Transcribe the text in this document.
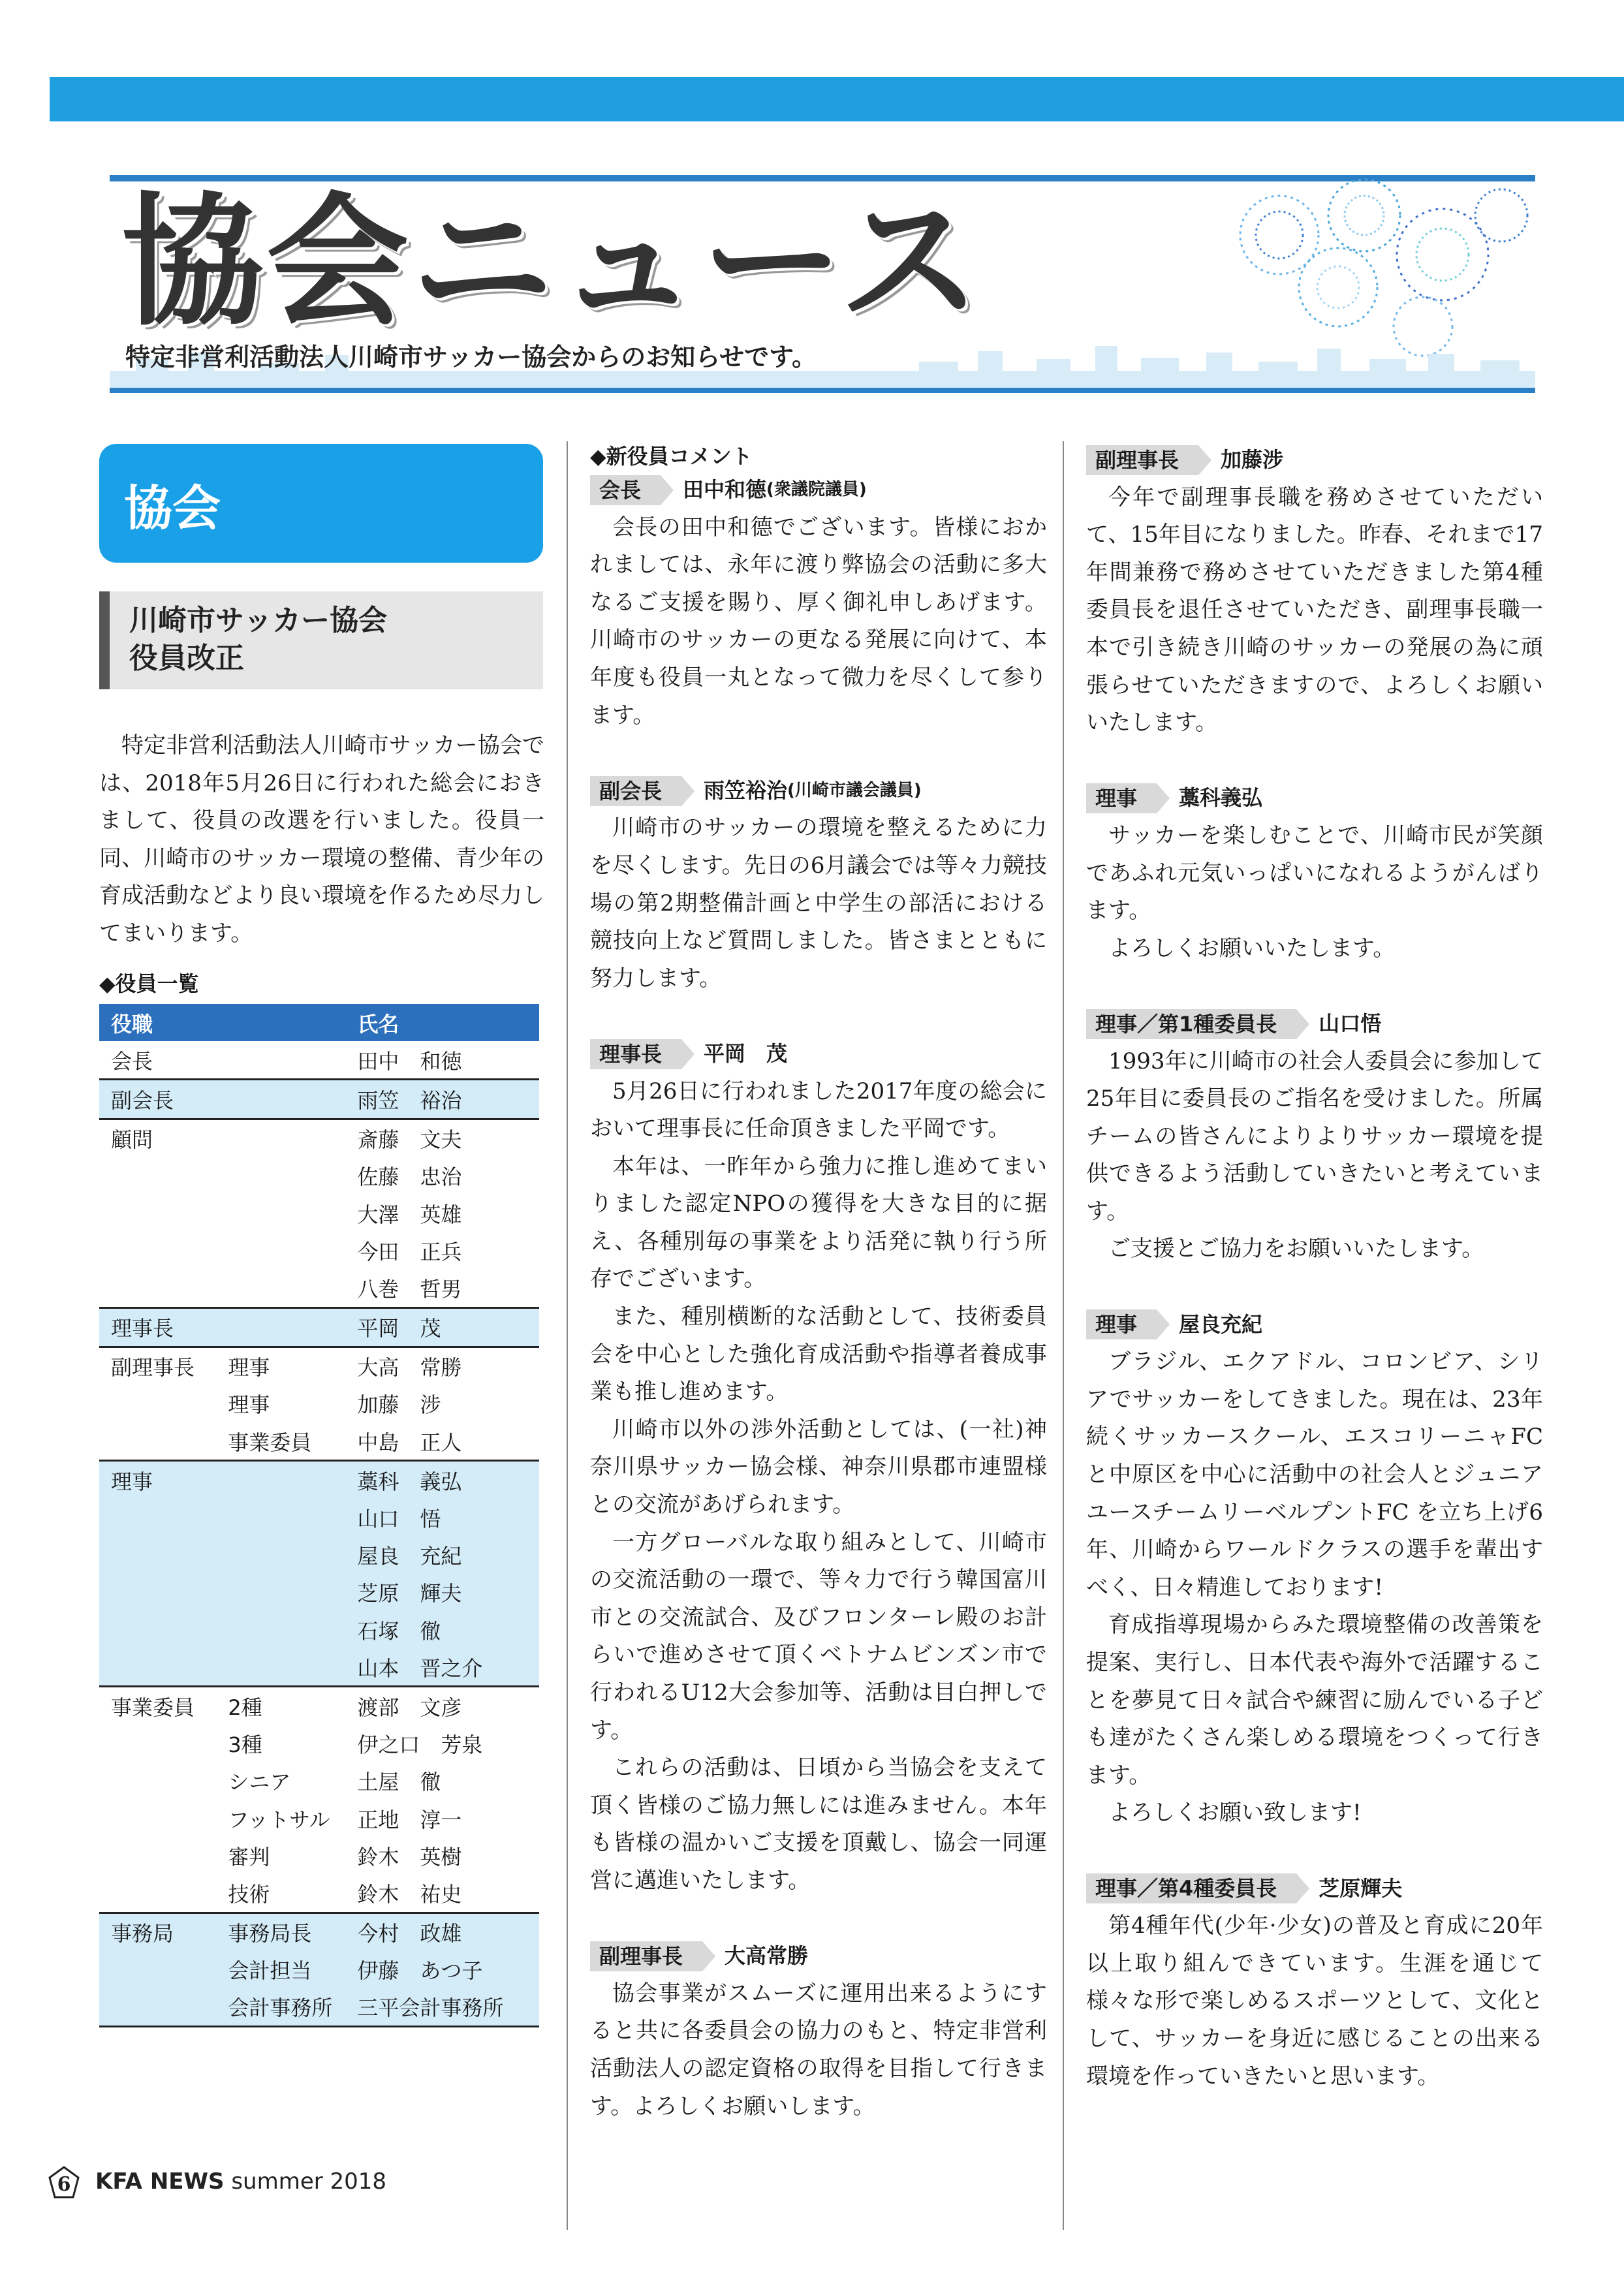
協会ニュース
特定非営利活動法人川崎市サッカー協会からのお知らせです。
協会
川崎市サッカー協会
役員改正

特定非営利活動法人川崎市サッカー協会では、2018年5月26日に行われた総会におきまして、役員の改選を行いました。役員一同、川崎市のサッカー環境の整備、青少年の育成活動などより良い環境を作るため尽力してまいります。

◆役員一覧
役職		氏名
会長		田中　和徳
副会長		雨笠　裕治
顧問		斎藤　文夫
		佐藤　忠治
		大澤　英雄
		今田　正兵
		八巻　哲男
理事長		平岡　茂
副理事長	理事	大高　常勝
	理事	加藤　涉
	事業委員	中島　正人
理事		藁科　義弘
		山口　悟
		屋良　充紀
		芝原　輝夫
		石塚　徹
		山本　晋之介
事業委員	2種	渡部　文彦
	3種	伊之口　芳泉
	シニア	土屋　徹
	フットサル	正地　淳一
	審判	鈴木　英樹
	技術	鈴木　祐史
事務局	事務局長	今村　政雄
	会計担当	伊藤　あつ子
	会計事務所	三平会計事務所
◆新役員コメント
会長	田中和德 (衆議院議員)

会長の田中和德でございます。皆様におかれましては、永年に渡り弊協会の活動に多大なるご支援を賜り、厚く御礼申しあげます。川崎市のサッカーの更なる発展に向けて、本年度も役員一丸となって微力を尽くして参ります。

副会長	雨笠裕治 (川崎市議会議員)

川崎市のサッカーの環境を整えるために力を尽くします。先日の6月議会では等々力競技場の第2期整備計画と中学生の部活における競技向上など質問しました。皆さまとともに努力します。

理事長	平岡　茂

5月26日に行われました2017年度の総会において理事長に任命頂きました平岡です。

本年は、一昨年から強力に推し進めてまいりました認定NPOの獲得を大きな目的に据え、各種別毎の事業をより活発に執り行う所存でございます。

また、種別横断的な活動として、技術委員会を中心とした強化育成活動や指導者養成事業も推し進めます。

川崎市以外の渉外活動としては、(一社)神奈川県サッカー協会様、神奈川県郡市連盟様との交流があげられます。

一方グローバルな取り組みとして、川崎市の交流活動の一環で、等々力で行う韓国富川市との交流試合、及びフロンターレ殿のお計らいで進めさせて頂くベトナムビンズン市で行われるU12大会参加等、活動は目白押しです。

これらの活動は、日頃から当協会を支えて頂く皆様のご協力無しには進みません。本年も皆様の温かいご支援を頂戴し、協会一同運営に邁進いたします。

副理事長	大高常勝

協会事業がスムーズに運用出来るようにすると共に各委員会の協力のもと、特定非営利活動法人の認定資格の取得を目指して行きます。よろしくお願いします。

副理事長	加藤涉

今年で副理事長職を務めさせていただいて、15年目になりました。昨春、それまで17年間兼務で務めさせていただきました第4種委員長を退任させていただき、副理事長職一本で引き続き川崎のサッカーの発展の為に頑張らせていただきますので、よろしくお願いいたします。

理事	藁科義弘

サッカーを楽しむことで、川崎市民が笑顔であふれ元気いっぱいになれるようがんばります。

よろしくお願いいたします。

理事／第1種委員長	山口悟

1993年に川崎市の社会人委員会に参加して25年目に委員長のご指名を受けました。所属チームの皆さんによりよりサッカー環境を提供できるよう活動していきたいと考えています。

ご支援とご協力をお願いいたします。

理事	屋良充紀

ブラジル、エクアドル、コロンビア、シリアでサッカーをしてきました。現在は、23年続くサッカースクール、エスコリーニャFC と中原区を中心に活動中の社会人とジュニアユースチームリーベルプントFC を立ち上げ6年、川崎からワールドクラスの選手を輩出すべく、日々精進しております!

育成指導現場からみた環境整備の改善策を提案、実行し、日本代表や海外で活躍することを夢見て日々試合や練習に励んでいる子ども達がたくさん楽しめる環境をつくって行きます。

よろしくお願い致します!

理事／第4種委員長	芝原輝夫

第4種年代(少年·少女)の普及と育成に20年以上取り組んできています。生涯を通じて様々な形で楽しめるスポーツとして、文化として、サッカーを身近に感じることの出来る環境を作っていきたいと思います。

6 KFA NEWS summer 2018
